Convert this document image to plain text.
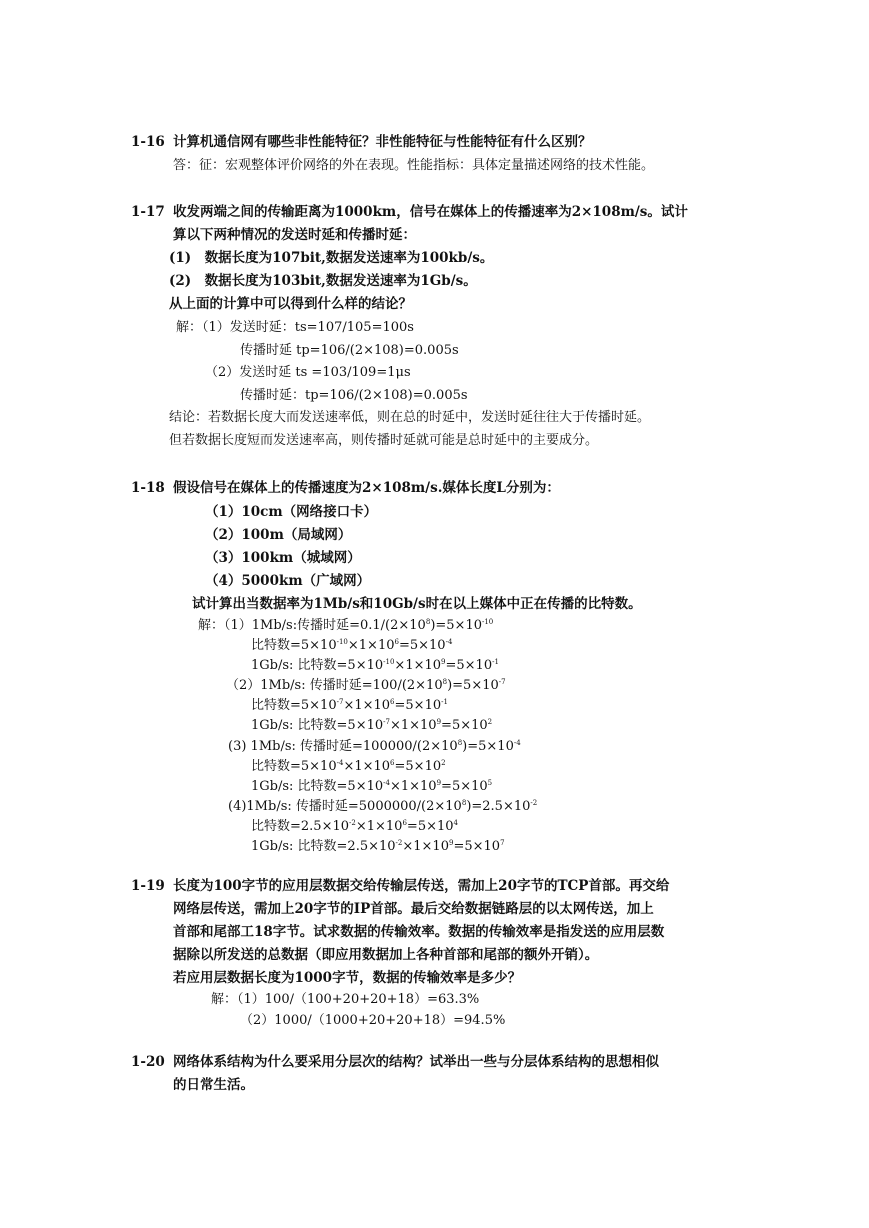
1-16 计算机通信网有哪些非性能特征？非性能特征与性能特征有什么区别？
答：征：宏观整体评价网络的外在表现。性能指标：具体定量描述网络的技术性能。
1-17 收发两端之间的传输距离为1000km，信号在媒体上的传播速率为2×108m/s。试计
算以下两种情况的发送时延和传播时延：
(1)　数据长度为107bit,数据发送速率为100kb/s。
(2)　数据长度为103bit,数据发送速率为1Gb/s。
从上面的计算中可以得到什么样的结论？
解：（1）发送时延：ts=107/105=100s
传播时延 tp=106/(2×108)=0.005s
（2）发送时延 ts =103/109=1μs
传播时延：tp=106/(2×108)=0.005s
结论：若数据长度大而发送速率低，则在总的时延中，发送时延往往大于传播时延。
但若数据长度短而发送速率高，则传播时延就可能是总时延中的主要成分。
1-18 假设信号在媒体上的传播速度为2×108m/s.媒体长度L分别为：
（1）10cm（网络接口卡）
（2）100m（局域网）
（3）100km（城域网）
（4）5000km（广域网）
试计算出当数据率为1Mb/s和10Gb/s时在以上媒体中正在传播的比特数。
解：（1）1Mb/s:传播时延$=0.1/(2\times 10^8)=5\times 10^{-10}$
比特数$=5\times 10^{-10}\times 1\times 10^6=5\times 10^{-4}$
1Gb/s: 比特数$=5\times 10^{-10}\times 1\times 10^9=5\times 10^{-1}$
（2）1Mb/s: 传播时延$=100/(2\times 10^8)=5\times 10^{-7}$
比特数$=5\times 10^{-7}\times 1\times 10^6=5\times 10^{-1}$
1Gb/s: 比特数$=5\times 10^{-7}\times 1\times 10^9=5\times 10^2$
(3) 1Mb/s: 传播时延$=100000/(2\times 10^8)=5\times 10^{-4}$
比特数$=5\times 10^{-4}\times 1\times 10^6=5\times 10^2$
1Gb/s: 比特数$=5\times 10^{-4}\times 1\times 10^9=5\times 10^5$
(4)1Mb/s: 传播时延$=5000000/(2\times 10^8)=2.5\times 10^{-2}$
比特数$=2.5\times 10^{-2}\times 1\times 10^6=5\times 10^4$
1Gb/s: 比特数$=2.5\times 10^{-2}\times 1\times 10^9=5\times 10^7$
1-19 长度为100字节的应用层数据交给传输层传送，需加上20字节的TCP首部。再交给
网络层传送，需加上20字节的IP首部。最后交给数据链路层的以太网传送，加上
首部和尾部工18字节。试求数据的传输效率。数据的传输效率是指发送的应用层数
据除以所发送的总数据（即应用数据加上各种首部和尾部的额外开销）。
若应用层数据长度为1000字节，数据的传输效率是多少？
解：（1）100/（100+20+20+18）=63.3%
（2）1000/（1000+20+20+18）=94.5%
1-20 网络体系结构为什么要采用分层次的结构？试举出一些与分层体系结构的思想相似
的日常生活。
